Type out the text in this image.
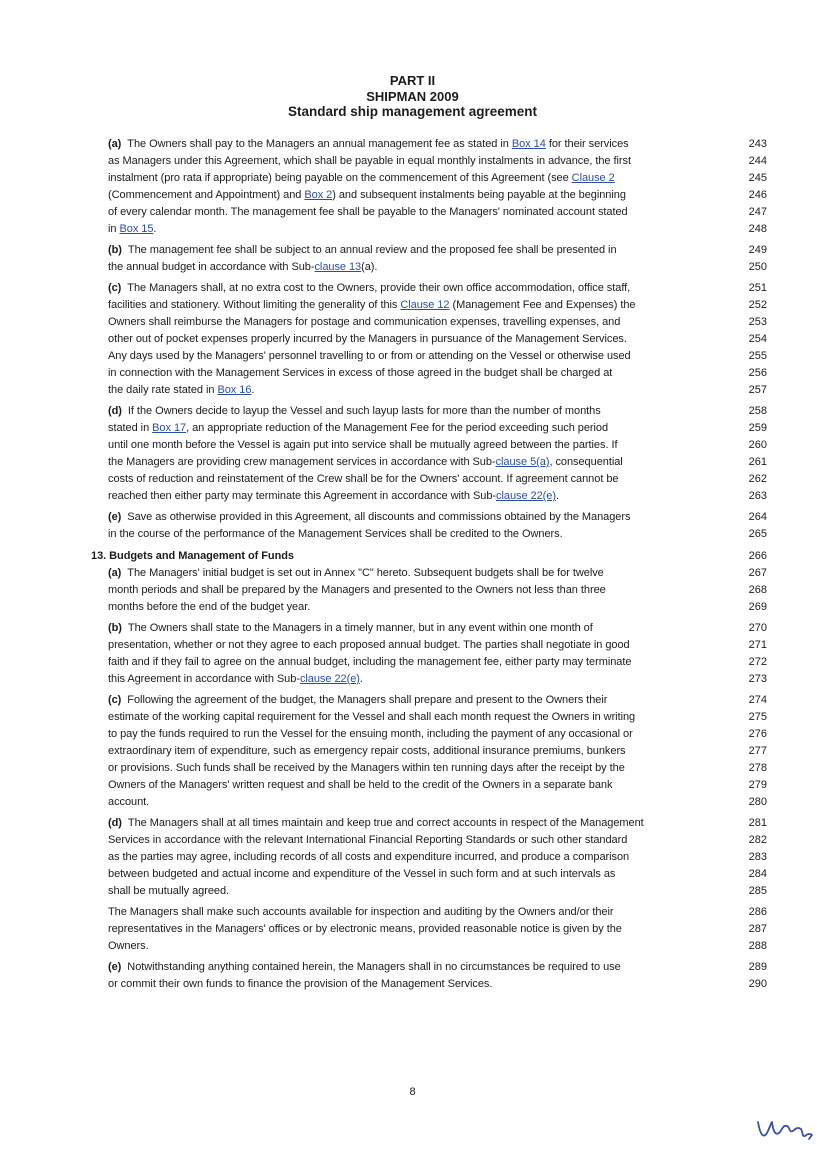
PART II
SHIPMAN 2009
Standard ship management agreement
(a)  The Owners shall pay to the Managers an annual management fee as stated in Box 14 for their services	243
as Managers under this Agreement, which shall be payable in equal monthly instalments in advance, the first	244
instalment (pro rata if appropriate) being payable on the commencement of this Agreement (see Clause 2	245
(Commencement and Appointment) and Box 2) and subsequent instalments being payable at the beginning	246
of every calendar month. The management fee shall be payable to the Managers' nominated account stated	247
in Box 15.	248
(b)  The management fee shall be subject to an annual review and the proposed fee shall be presented in	249
the annual budget in accordance with Sub-clause 13(a).	250
(c)  The Managers shall, at no extra cost to the Owners, provide their own office accommodation, office staff,	251
facilities and stationery. Without limiting the generality of this Clause 12 (Management Fee and Expenses) the	252
Owners shall reimburse the Managers for postage and communication expenses, travelling expenses, and	253
other out of pocket expenses properly incurred by the Managers in pursuance of the Management Services.	254
Any days used by the Managers' personnel travelling to or from or attending on the Vessel or otherwise used	255
in connection with the Management Services in excess of those agreed in the budget shall be charged at	256
the daily rate stated in Box 16.	257
(d)  If the Owners decide to layup the Vessel and such layup lasts for more than the number of months	258
stated in Box 17, an appropriate reduction of the Management Fee for the period exceeding such period	259
until one month before the Vessel is again put into service shall be mutually agreed between the parties. If	260
the Managers are providing crew management services in accordance with Sub-clause 5(a), consequential	261
costs of reduction and reinstatement of the Crew shall be for the Owners' account. If agreement cannot be	262
reached then either party may terminate this Agreement in accordance with Sub-clause 22(e).	263
(e)  Save as otherwise provided in this Agreement, all discounts and commissions obtained by the Managers	264
in the course of the performance of the Management Services shall be credited to the Owners.	265
13. Budgets and Management of Funds	266
(a)  The Managers' initial budget is set out in Annex "C" hereto. Subsequent budgets shall be for twelve	267
month periods and shall be prepared by the Managers and presented to the Owners not less than three	268
months before the end of the budget year.	269
(b)  The Owners shall state to the Managers in a timely manner, but in any event within one month of	270
presentation, whether or not they agree to each proposed annual budget. The parties shall negotiate in good	271
faith and if they fail to agree on the annual budget, including the management fee, either party may terminate	272
this Agreement in accordance with Sub-clause 22(e).	273
(c)  Following the agreement of the budget, the Managers shall prepare and present to the Owners their	274
estimate of the working capital requirement for the Vessel and shall each month request the Owners in writing	275
to pay the funds required to run the Vessel for the ensuing month, including the payment of any occasional or	276
extraordinary item of expenditure, such as emergency repair costs, additional insurance premiums, bunkers	277
or provisions. Such funds shall be received by the Managers within ten running days after the receipt by the	278
Owners of the Managers' written request and shall be held to the credit of the Owners in a separate bank	279
account.	280
(d)  The Managers shall at all times maintain and keep true and correct accounts in respect of the Management	281
Services in accordance with the relevant International Financial Reporting Standards or such other standard	282
as the parties may agree, including records of all costs and expenditure incurred, and produce a comparison	283
between budgeted and actual income and expenditure of the Vessel in such form and at such intervals as	284
shall be mutually agreed.	285
The Managers shall make such accounts available for inspection and auditing by the Owners and/or their	286
representatives in the Managers' offices or by electronic means, provided reasonable notice is given by the	287
Owners.	288
(e)  Notwithstanding anything contained herein, the Managers shall in no circumstances be required to use	289
or commit their own funds to finance the provision of the Management Services.	290
8
